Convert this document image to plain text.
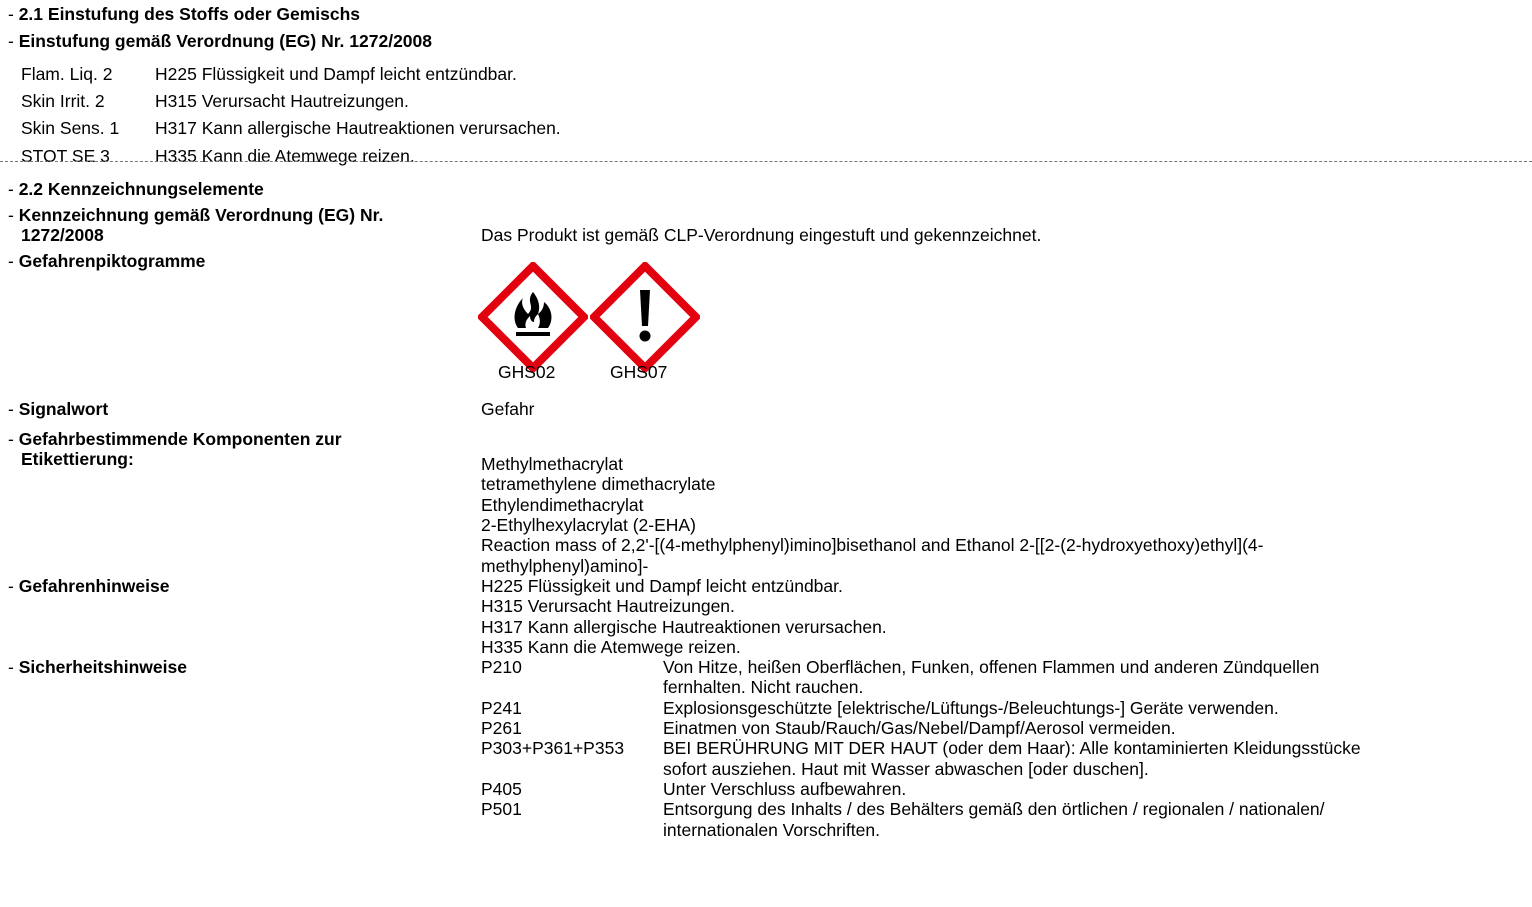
- 2.1 Einstufung des Stoffs oder Gemischs
- Einstufung gemäß Verordnung (EG) Nr. 1272/2008
Flam. Liq. 2 H225 Flüssigkeit und Dampf leicht entzündbar.
Skin Irrit. 2	H315 Verursacht Hautreizungen.
Skin Sens. 1 H317 Kann allergische Hautreaktionen verursachen.
STOT SE 3	H335 Kann die Atemwege reizen.
- 2.2 Kennzeichnungselemente
- Kennzeichnung gemäß Verordnung (EG) Nr.
1272/2008	Das Produkt ist gemäß CLP-Verordnung eingestuft und gekennzeichnet.
- Gefahrenpiktogramme
GHS02	GHS07
- Signalwort	Gefahr
- Gefahrbestimmende Komponenten zur
Etikettierung:	Methylmethacrylat
tetramethylene dimethacrylate
Ethylendimethacrylat
2-Ethylhexylacrylat (2-EHA)
Reaction mass of 2,2'-[(4-methylphenyl)imino]bisethanol and Ethanol 2-[[2-(2-hydroxyethoxy)ethyl](4-
methylphenyl)amino]-
- Gefahrenhinweise	H225 Flüssigkeit und Dampf leicht entzündbar.
H315 Verursacht Hautreizungen.
H317 Kann allergische Hautreaktionen verursachen.
H335 Kann die Atemwege reizen.
- Sicherheitshinweise	P210	Von Hitze, heißen Oberflächen, Funken, offenen Flammen und anderen Zündquellen
fernhalten. Nicht rauchen.
P241	Explosionsgeschützte [elektrische/Lüftungs-/Beleuchtungs-] Geräte verwenden.
P261	Einatmen von Staub/Rauch/Gas/Nebel/Dampf/Aerosol vermeiden.
P303+P361+P353 BEI BERÜHRUNG MIT DER HAUT (oder dem Haar): Alle kontaminierten Kleidungsstücke
sofort ausziehen. Haut mit Wasser abwaschen [oder duschen].
P405	Unter Verschluss aufbewahren.
P501	Entsorgung des Inhalts / des Behälters gemäß den örtlichen / regionalen / nationalen/
internationalen Vorschriften.
